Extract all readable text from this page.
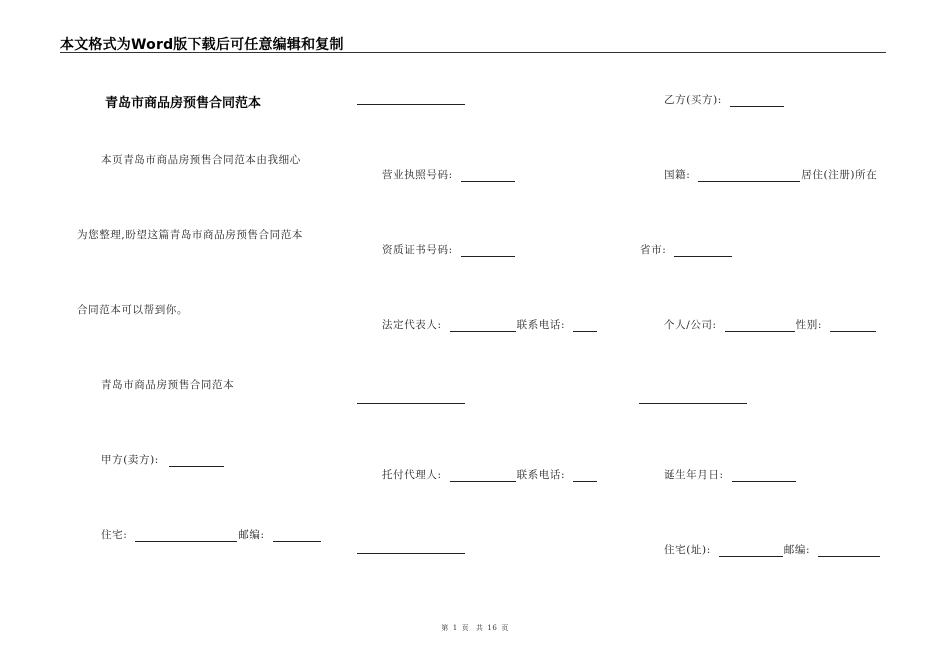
本文格式为Word版下载后可任意编辑和复制
青岛市商品房预售合同范本
本页青岛市商品房预售合同范本由我细心
为您整理,盼望这篇青岛市商品房预售合同范本
合同范本可以帮到你。
青岛市商品房预售合同范本
甲方(卖方):
住宅:	邮编:
营业执照号码:
资质证书号码:
法定代表人:	联系电话:
托付代理人:	联系电话:
乙方(买方):
国籍:	居住(注册)所在
省市:
个人/公司:	性别:
诞生年月日:
住宅(址):	邮编:
第 1 页 共 16 页
